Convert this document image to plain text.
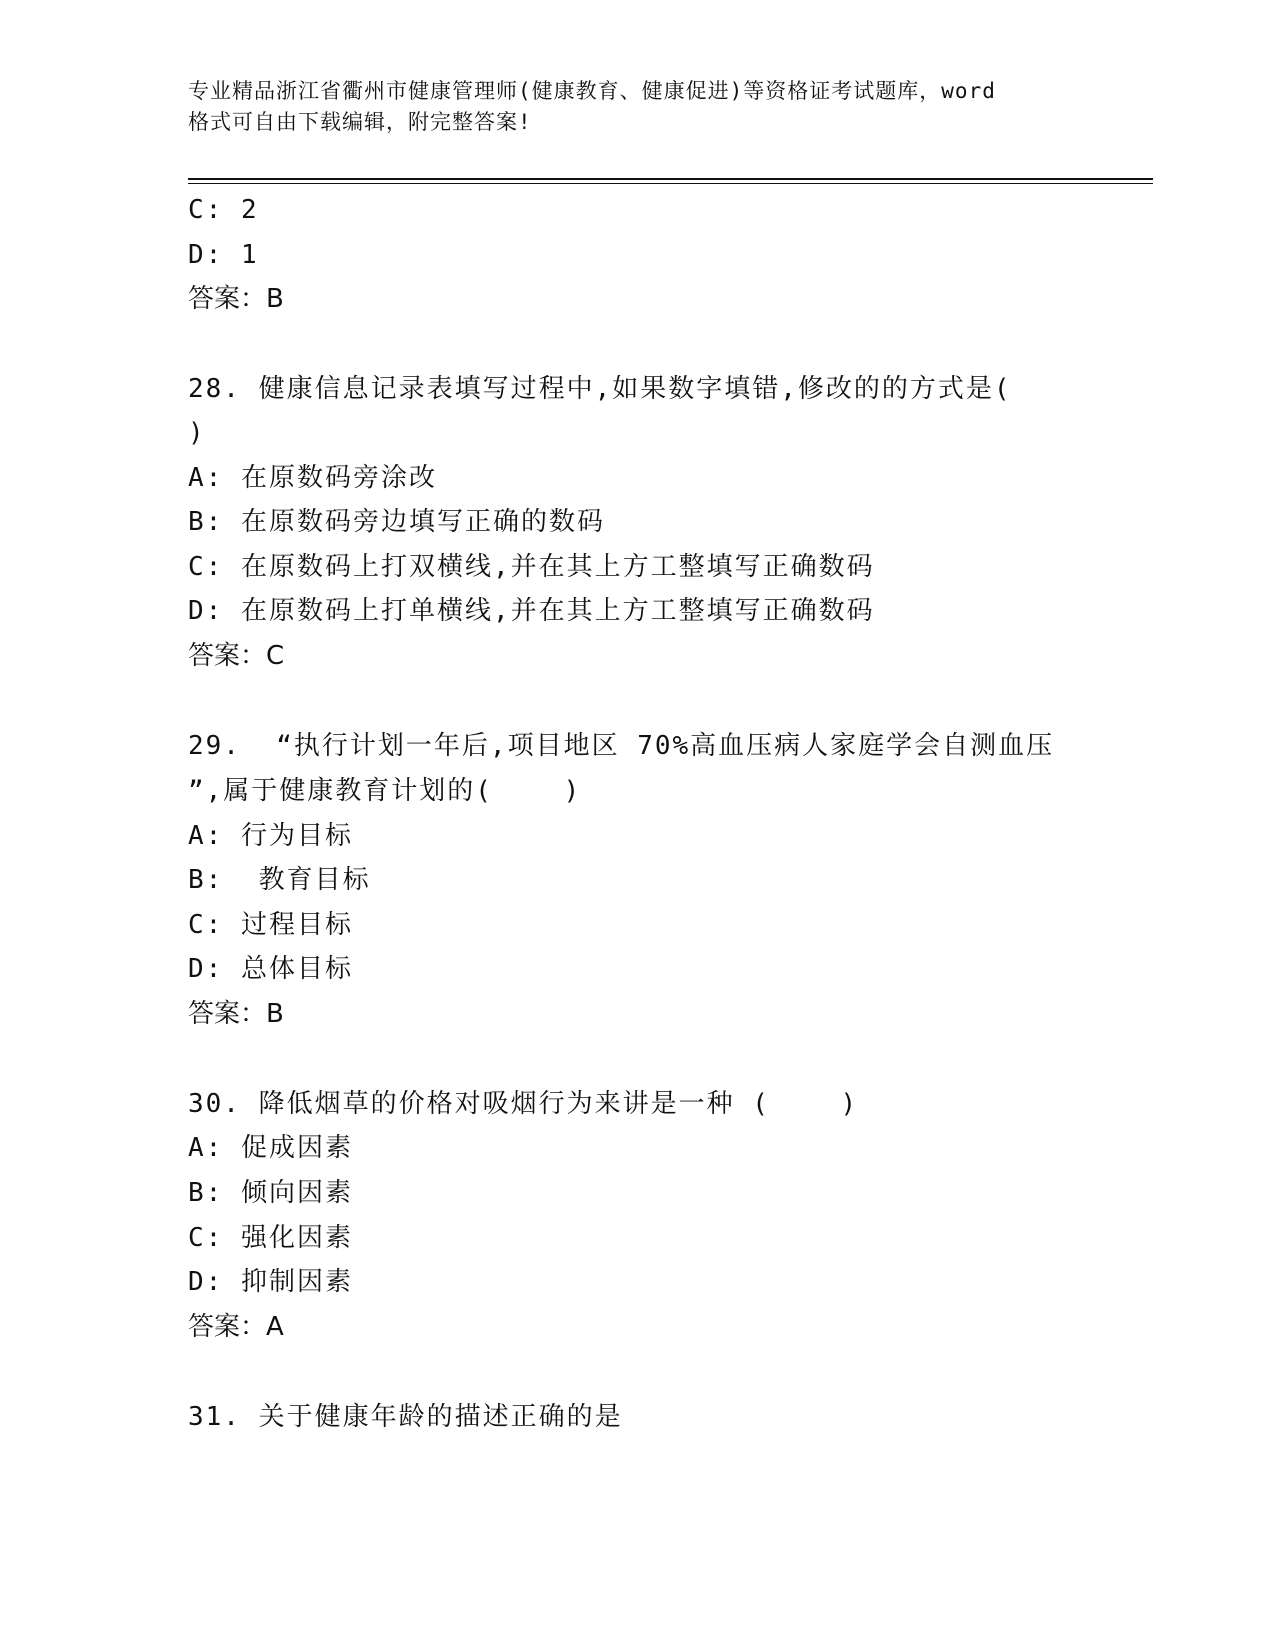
专业精品浙江省衢州市健康管理师(健康教育、健康促进)等资格证考试题库，word
格式可自由下载编辑，附完整答案!
C: 2
D: 1
答案：B
28. 健康信息记录表填写过程中,如果数字填错,修改的的方式是(
)
A: 在原数码旁涂改
B: 在原数码旁边填写正确的数码
C: 在原数码上打双横线,并在其上方工整填写正确数码
D: 在原数码上打单横线,并在其上方工整填写正确数码
答案：C
29.  “执行计划一年后,项目地区 70%高血压病人家庭学会自测血压
”,属于健康教育计划的(    )
A: 行为目标
B:  教育目标
C: 过程目标
D: 总体目标
答案：B
30. 降低烟草的价格对吸烟行为来讲是一种 (    )
A: 促成因素
B: 倾向因素
C: 强化因素
D: 抑制因素
答案：A
31. 关于健康年龄的描述正确的是
